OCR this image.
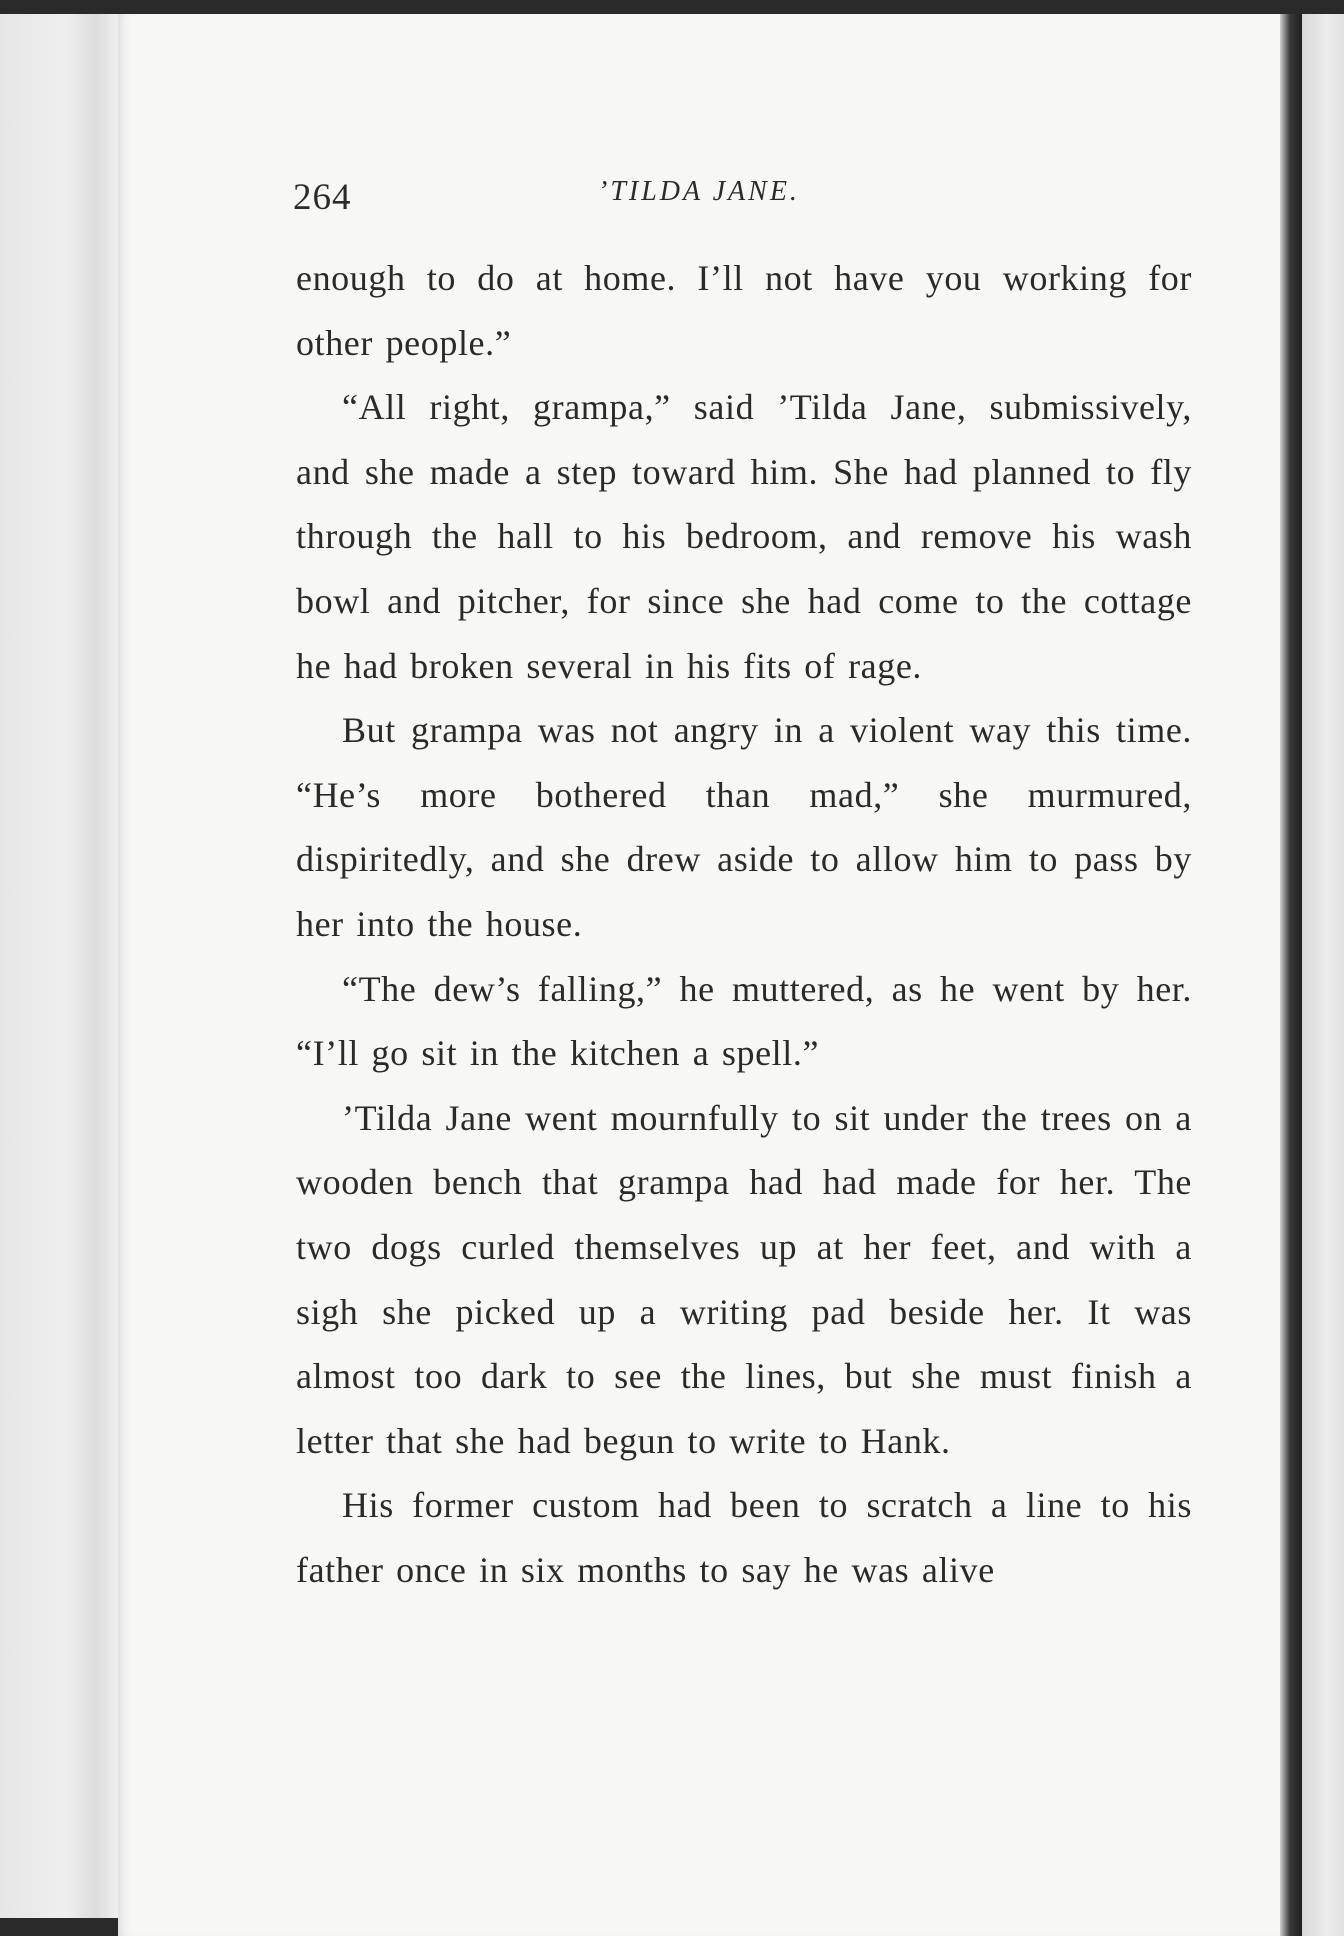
264	’TILDA JANE.

enough to do at home. I’ll not have you working for other people.”

“All right, grampa,” said ’Tilda Jane, submissively, and she made a step toward him. She had planned to fly through the hall to his bedroom, and remove his wash bowl and pitcher, for since she had come to the cottage he had broken several in his fits of rage.

But grampa was not angry in a violent way this time. “He’s more bothered than mad,” she murmured, dispiritedly, and she drew aside to allow him to pass by her into the house.

“The dew’s falling,” he muttered, as he went by her. “I’ll go sit in the kitchen a spell.”

’Tilda Jane went mournfully to sit under the trees on a wooden bench that grampa had had made for her. The two dogs curled themselves up at her feet, and with a sigh she picked up a writing pad beside her. It was almost too dark to see the lines, but she must finish a letter that she had begun to write to Hank.

His former custom had been to scratch a line to his father once in six months to say he was alive
